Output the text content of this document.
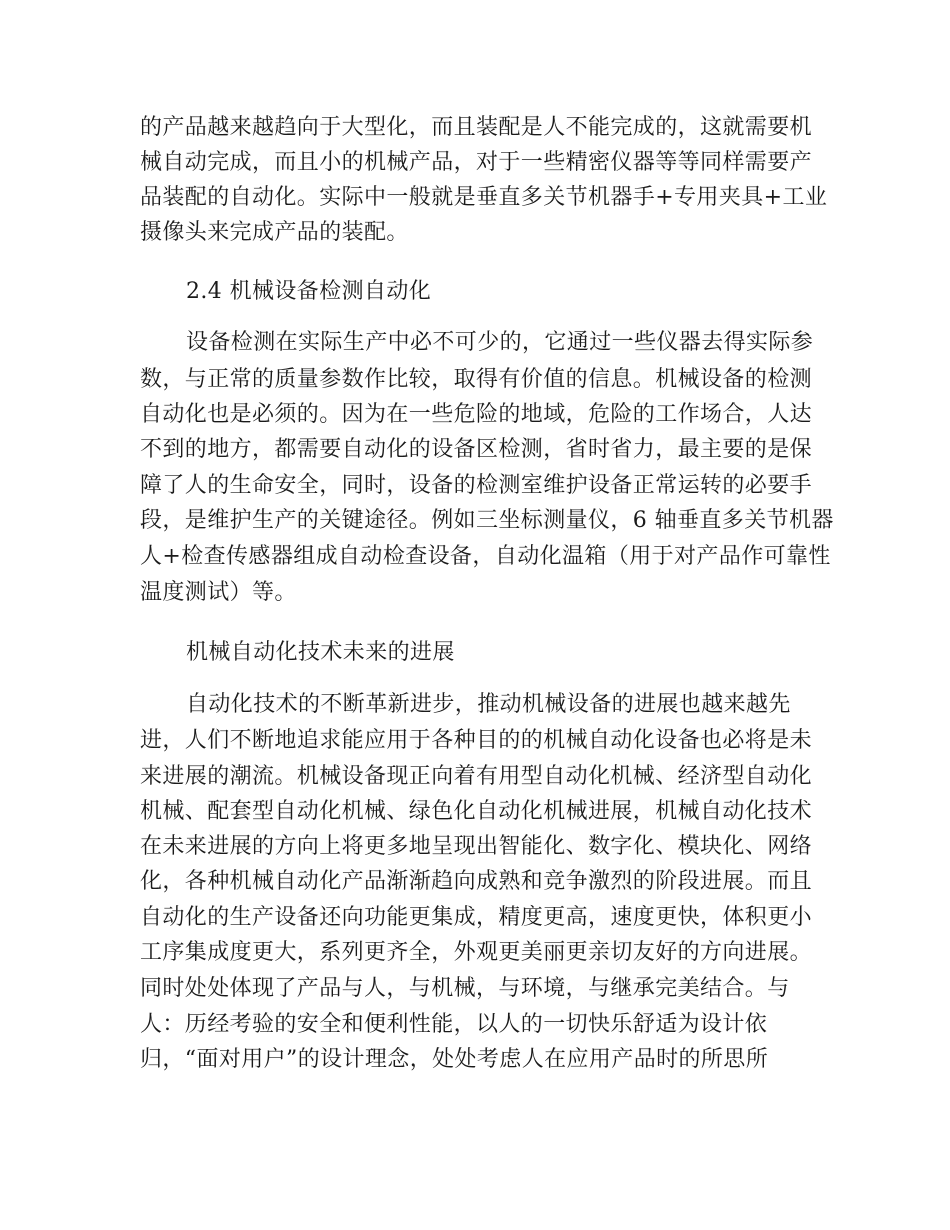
的产品越来越趋向于大型化，而且装配是人不能完成的，这就需要机
械自动完成，而且小的机械产品，对于一些精密仪器等等同样需要产
品装配的自动化。实际中一般就是垂直多关节机器手+专用夹具+工业
摄像头来完成产品的装配。
2.4 机械设备检测自动化
设备检测在实际生产中必不可少的，它通过一些仪器去得实际参
数，与正常的质量参数作比较，取得有价值的信息。机械设备的检测
自动化也是必须的。因为在一些危险的地域，危险的工作场合，人达
不到的地方，都需要自动化的设备区检测，省时省力，最主要的是保
障了人的生命安全，同时，设备的检测室维护设备正常运转的必要手
段，是维护生产的关键途径。例如三坐标测量仪，6 轴垂直多关节机器
人+检查传感器组成自动检查设备，自动化温箱（用于对产品作可靠性
温度测试）等。
机械自动化技术未来的进展
自动化技术的不断革新进步，推动机械设备的进展也越来越先
进，人们不断地追求能应用于各种目的的机械自动化设备也必将是未
来进展的潮流。机械设备现正向着有用型自动化机械、经济型自动化
机械、配套型自动化机械、绿色化自动化机械进展，机械自动化技术
在未来进展的方向上将更多地呈现出智能化、数字化、模块化、网络
化，各种机械自动化产品渐渐趋向成熟和竞争激烈的阶段进展。而且
自动化的生产设备还向功能更集成，精度更高，速度更快，体积更小
工序集成度更大，系列更齐全，外观更美丽更亲切友好的方向进展。
同时处处体现了产品与人，与机械，与环境，与继承完美结合。与
人：历经考验的安全和便利性能，以人的一切快乐舒适为设计依
归，“面对用户”的设计理念，处处考虑人在应用产品时的所思所
